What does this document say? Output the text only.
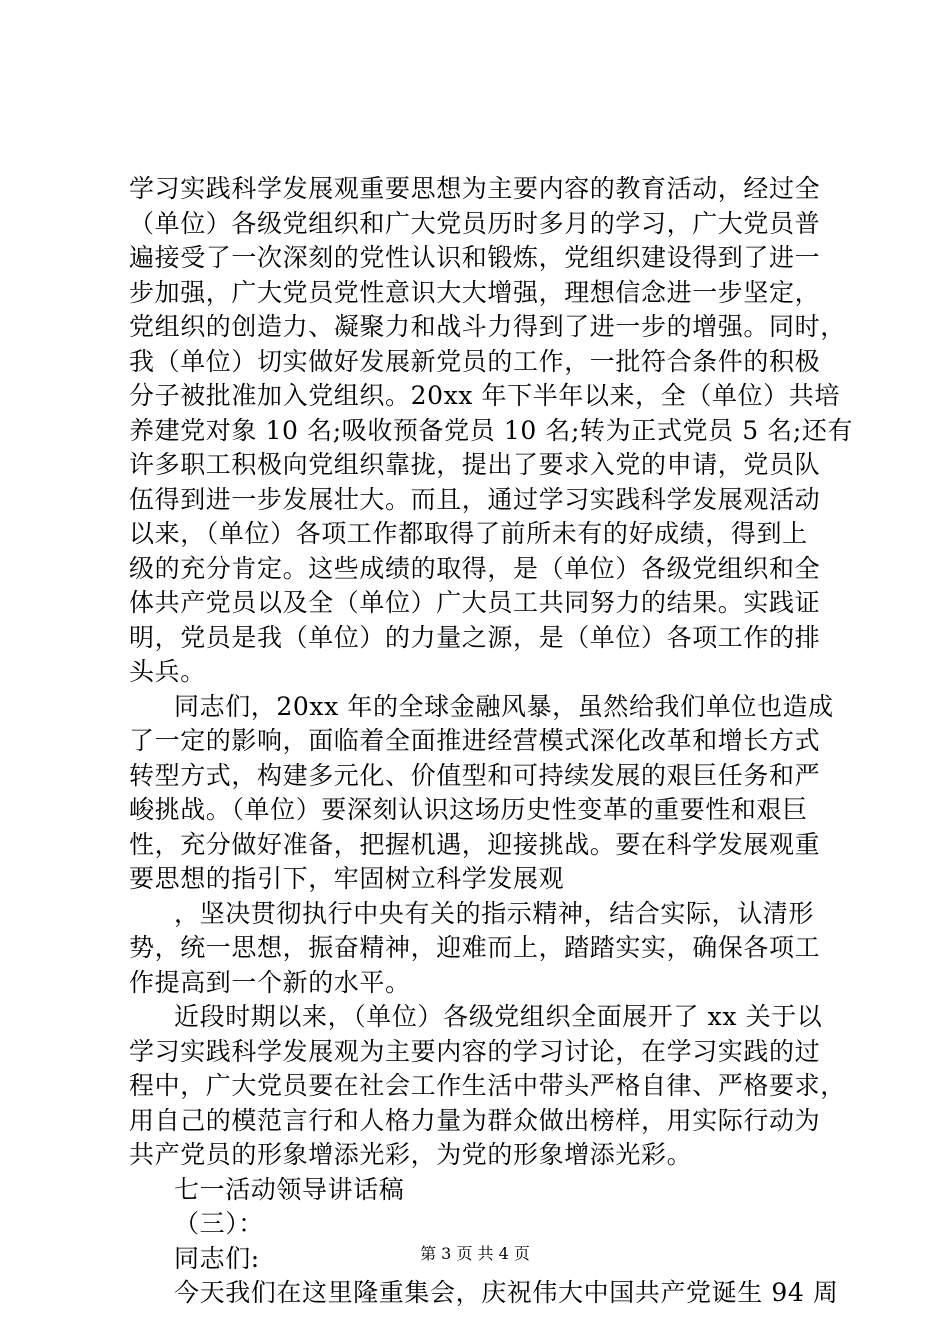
学习实践科学发展观重要思想为主要内容的教育活动，经过全
（单位）各级党组织和广大党员历时多月的学习，广大党员普
遍接受了一次深刻的党性认识和锻炼，党组织建设得到了进一
步加强，广大党员党性意识大大增强，理想信念进一步坚定，
党组织的创造力、凝聚力和战斗力得到了进一步的增强。同时，
我（单位）切实做好发展新党员的工作，一批符合条件的积极
分子被批准加入党组织。20xx 年下半年以来，全（单位）共培
养建党对象 10 名;吸收预备党员 10 名;转为正式党员 5 名;还有
许多职工积极向党组织靠拢，提出了要求入党的申请，党员队
伍得到进一步发展壮大。而且，通过学习实践科学发展观活动
以来，（单位）各项工作都取得了前所未有的好成绩，得到上
级的充分肯定。这些成绩的取得，是（单位）各级党组织和全
体共产党员以及全（单位）广大员工共同努力的结果。实践证
明，党员是我（单位）的力量之源，是（单位）各项工作的排
头兵。
同志们，20xx 年的全球金融风暴，虽然给我们单位也造成
了一定的影响，面临着全面推进经营模式深化改革和增长方式
转型方式，构建多元化、价值型和可持续发展的艰巨任务和严
峻挑战。（单位）要深刻认识这场历史性变革的重要性和艰巨
性，充分做好准备，把握机遇，迎接挑战。要在科学发展观重
要思想的指引下，牢固树立科学发展观
，坚决贯彻执行中央有关的指示精神，结合实际，认清形
势，统一思想，振奋精神，迎难而上，踏踏实实，确保各项工
作提高到一个新的水平。
近段时期以来，（单位）各级党组织全面展开了 xx 关于以
学习实践科学发展观为主要内容的学习讨论，在学习实践的过
程中，广大党员要在社会工作生活中带头严格自律、严格要求，
用自己的模范言行和人格力量为群众做出榜样，用实际行动为
共产党员的形象增添光彩，为党的形象增添光彩。
七一活动领导讲话稿
（三）：
同志们:
今天我们在这里隆重集会，庆祝伟大中国共产党诞生 94 周
第 3 页 共 4 页
